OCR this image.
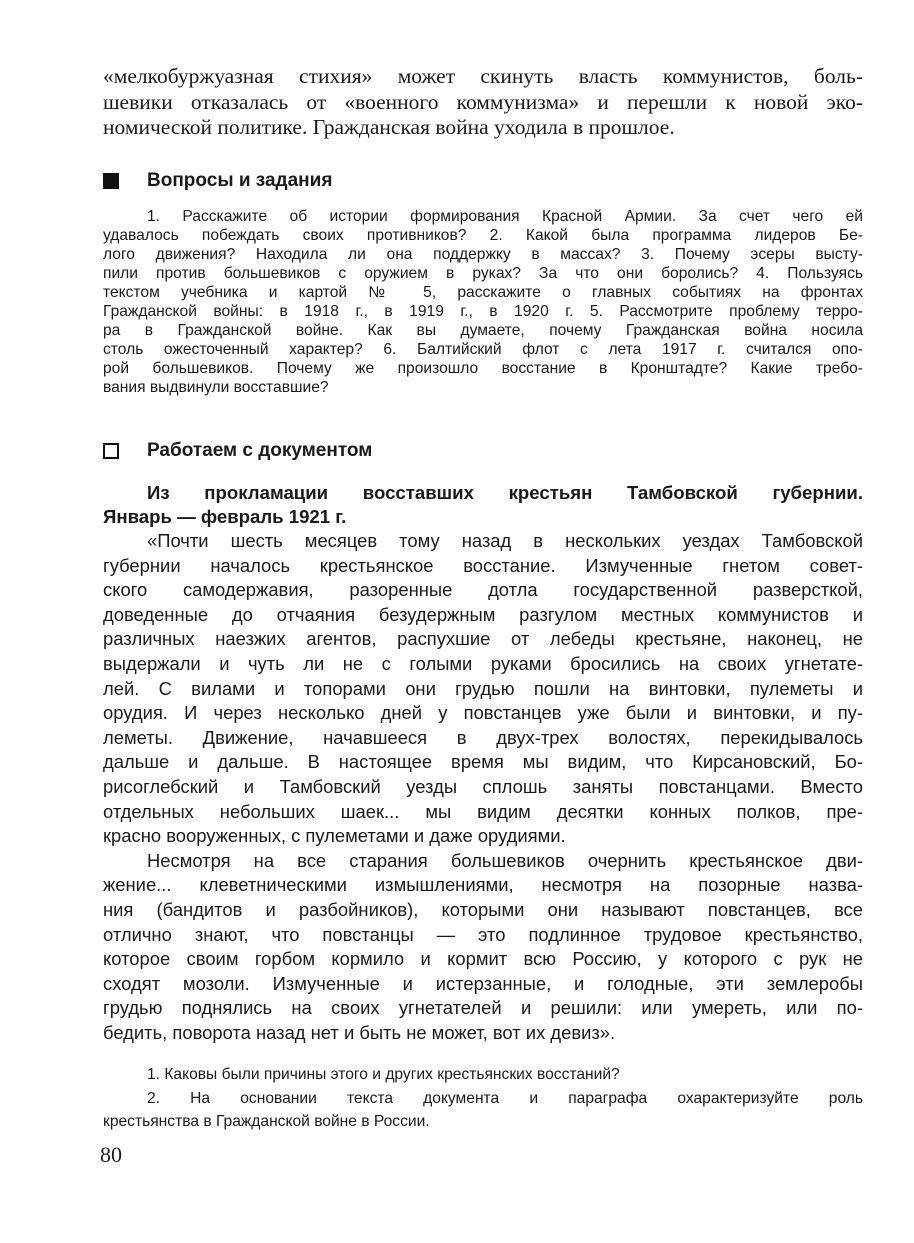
«мелкобуржуазная стихия» может скинуть власть коммунистов, боль-
шевики отказалась от «военного коммунизма» и перешли к новой эко-
номической политике. Гражданская война уходила в прошлое.
Вопросы и задания
1. Расскажите об истории формирования Красной Армии. За счет чего ей
удавалось побеждать своих противников? 2. Какой была программа лидеров Бе-
лого движения? Находила ли она поддержку в массах? 3. Почему эсеры высту-
пили против большевиков с оружием в руках? За что они боролись? 4. Пользуясь
текстом учебника и картой № 5, расскажите о главных событиях на фронтах
Гражданской войны: в 1918 г., в 1919 г., в 1920 г. 5. Рассмотрите проблему терро-
ра в Гражданской войне. Как вы думаете, почему Гражданская война носила
столь ожесточенный характер? 6. Балтийский флот с лета 1917 г. считался опо-
рой большевиков. Почему же произошло восстание в Кронштадте? Какие требо-
вания выдвинули восставшие?
Работаем с документом
Из прокламации восставших крестьян Тамбовской губернии.
Январь — февраль 1921 г.
«Почти шесть месяцев тому назад в нескольких уездах Тамбовской
губернии началось крестьянское восстание. Измученные гнетом совет-
ского самодержавия, разоренные дотла государственной разверсткой,
доведенные до отчаяния безудержным разгулом местных коммунистов и
различных наезжих агентов, распухшие от лебеды крестьяне, наконец, не
выдержали и чуть ли не с голыми руками бросились на своих угнетате-
лей. С вилами и топорами они грудью пошли на винтовки, пулеметы и
орудия. И через несколько дней у повстанцев уже были и винтовки, и пу-
леметы. Движение, начавшееся в двух-трех волостях, перекидывалось
дальше и дальше. В настоящее время мы видим, что Кирсановский, Бо-
рисоглебский и Тамбовский уезды сплошь заняты повстанцами. Вместо
отдельных небольших шаек... мы видим десятки конных полков, пре-
красно вооруженных, с пулеметами и даже орудиями.
Несмотря на все старания большевиков очернить крестьянское дви-
жение... клеветническими измышлениями, несмотря на позорные назва-
ния (бандитов и разбойников), которыми они называют повстанцев, все
отлично знают, что повстанцы — это подлинное трудовое крестьянство,
которое своим горбом кормило и кормит всю Россию, у которого с рук не
сходят мозоли. Измученные и истерзанные, и голодные, эти землеробы
грудью поднялись на своих угнетателей и решили: или умереть, или по-
бедить, поворота назад нет и быть не может, вот их девиз».
1. Каковы были причины этого и других крестьянских восстаний?
2. На основании текста документа и параграфа охарактеризуйте роль
крестьянства в Гражданской войне в России.
80
